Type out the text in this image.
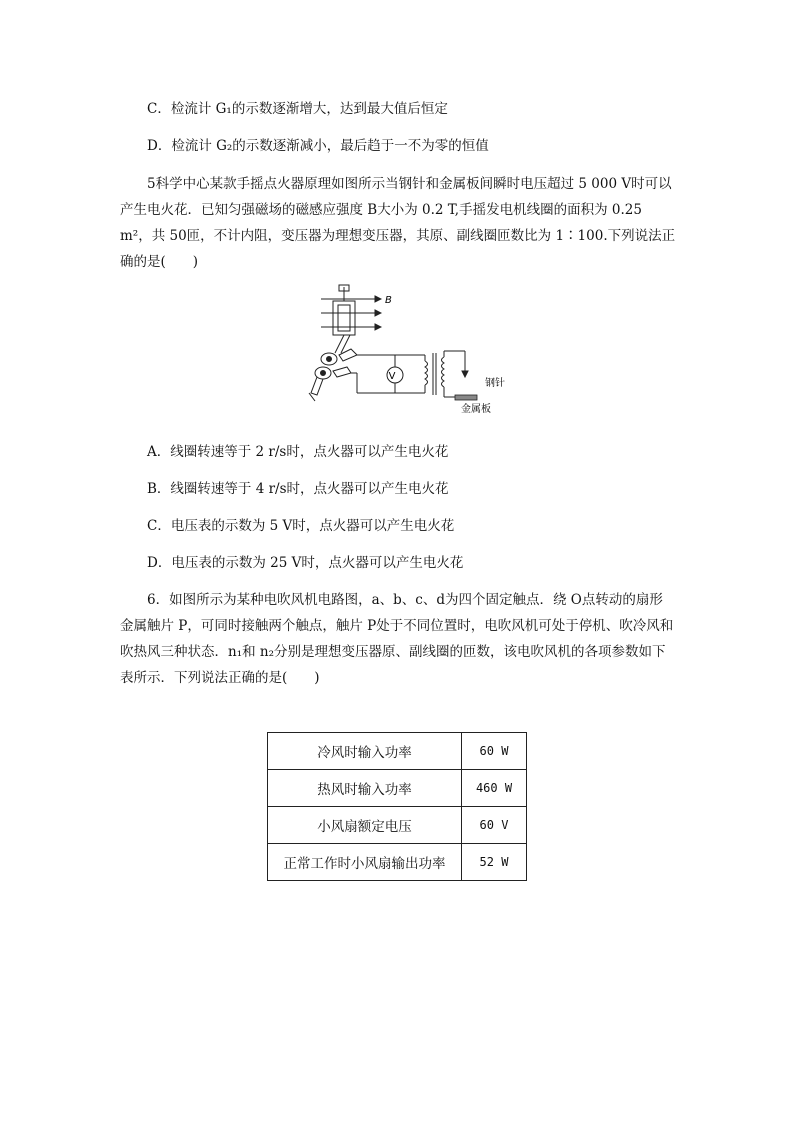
C．检流计 G₁的示数逐渐增大，达到最大值后恒定
D．检流计 G₂的示数逐渐减小，最后趋于一不为零的恒值
5科学中心某款手摇点火器原理如图所示当钢针和金属板间瞬时电压超过 5 000 V时可以产生电火花．已知匀强磁场的磁感应强度 B大小为 0.2 T,手摇发电机线圈的面积为 0.25 m²，共 50匝，不计内阻，变压器为理想变压器，其原、副线圈匝数比为 1∶100.下列说法正确的是(　　)
B
V
钢针
金属板
A．线圈转速等于 2 r/s时，点火器可以产生电火花
B．线圈转速等于 4 r/s时，点火器可以产生电火花
C．电压表的示数为 5 V时，点火器可以产生电火花
D．电压表的示数为 25 V时，点火器可以产生电火花
6．如图所示为某种电吹风机电路图，a、b、c、d为四个固定触点．绕 O点转动的扇形金属触片 P，可同时接触两个触点，触片 P处于不同位置时，电吹风机可处于停机、吹冷风和吹热风三种状态．n₁和 n₂分别是理想变压器原、副线圈的匝数，该电吹风机的各项参数如下表所示．下列说法正确的是(　　)
冷风时输入功率	60 W
热风时输入功率	460 W
小风扇额定电压	60 V
正常工作时小风扇输出功率	52 W
